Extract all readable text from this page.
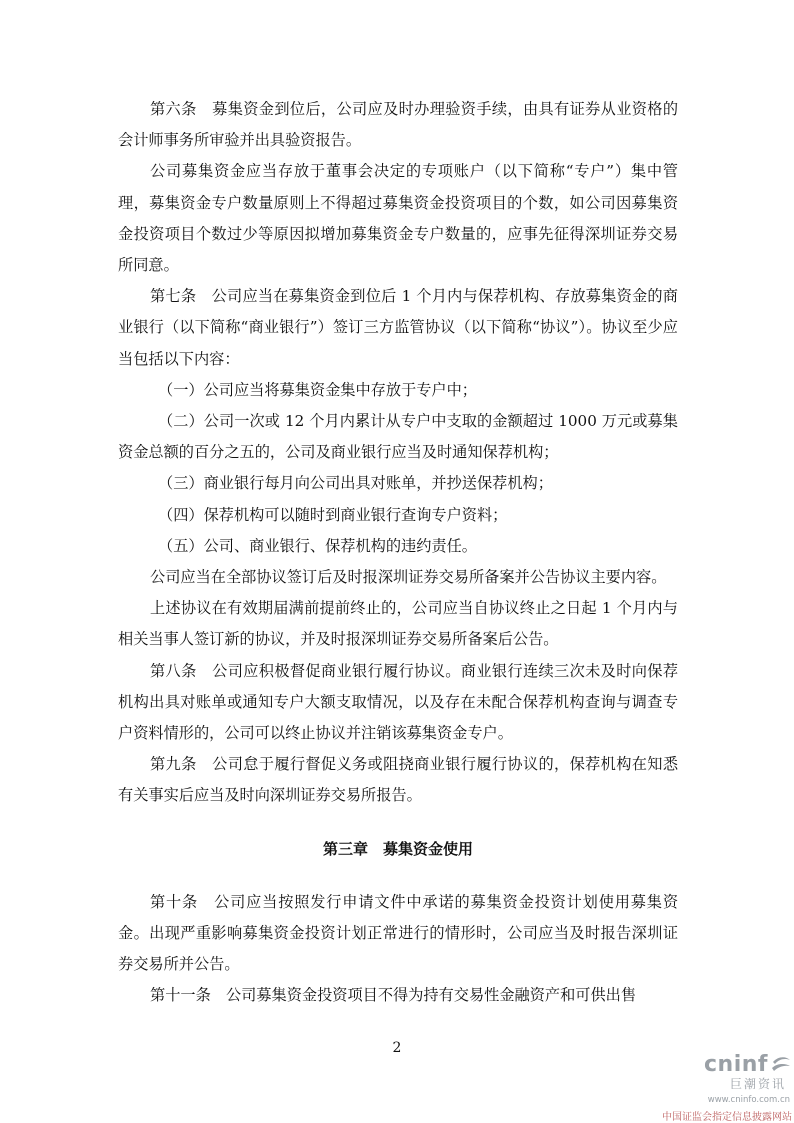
第六条　募集资金到位后，公司应及时办理验资手续，由具有证券从业资格的会计师事务所审验并出具验资报告。

公司募集资金应当存放于董事会决定的专项账户（以下简称“专户”）集中管理，募集资金专户数量原则上不得超过募集资金投资项目的个数，如公司因募集资金投资项目个数过少等原因拟增加募集资金专户数量的，应事先征得深圳证券交易所同意。

第七条　公司应当在募集资金到位后 1 个月内与保荐机构、存放募集资金的商业银行（以下简称“商业银行”）签订三方监管协议（以下简称“协议”）。协议至少应当包括以下内容：

（一）公司应当将募集资金集中存放于专户中；

（二）公司一次或 12 个月内累计从专户中支取的金额超过 1000 万元或募集资金总额的百分之五的，公司及商业银行应当及时通知保荐机构；

（三）商业银行每月向公司出具对账单，并抄送保荐机构；

（四）保荐机构可以随时到商业银行查询专户资料；

（五）公司、商业银行、保荐机构的违约责任。

公司应当在全部协议签订后及时报深圳证券交易所备案并公告协议主要内容。

上述协议在有效期届满前提前终止的，公司应当自协议终止之日起 1 个月内与相关当事人签订新的协议，并及时报深圳证券交易所备案后公告。

第八条　公司应积极督促商业银行履行协议。商业银行连续三次未及时向保荐机构出具对账单或通知专户大额支取情况，以及存在未配合保荐机构查询与调查专户资料情形的，公司可以终止协议并注销该募集资金专户。

第九条　公司怠于履行督促义务或阻挠商业银行履行协议的，保荐机构在知悉有关事实后应当及时向深圳证券交易所报告。

第三章　募集资金使用

第十条　公司应当按照发行申请文件中承诺的募集资金投资计划使用募集资金。出现严重影响募集资金投资计划正常进行的情形时，公司应当及时报告深圳证券交易所并公告。

第十一条　公司募集资金投资项目不得为持有交易性金融资产和可供出售

2
cninf
巨潮资讯
www.cninfo.com.cn
中国证监会指定信息披露网站
